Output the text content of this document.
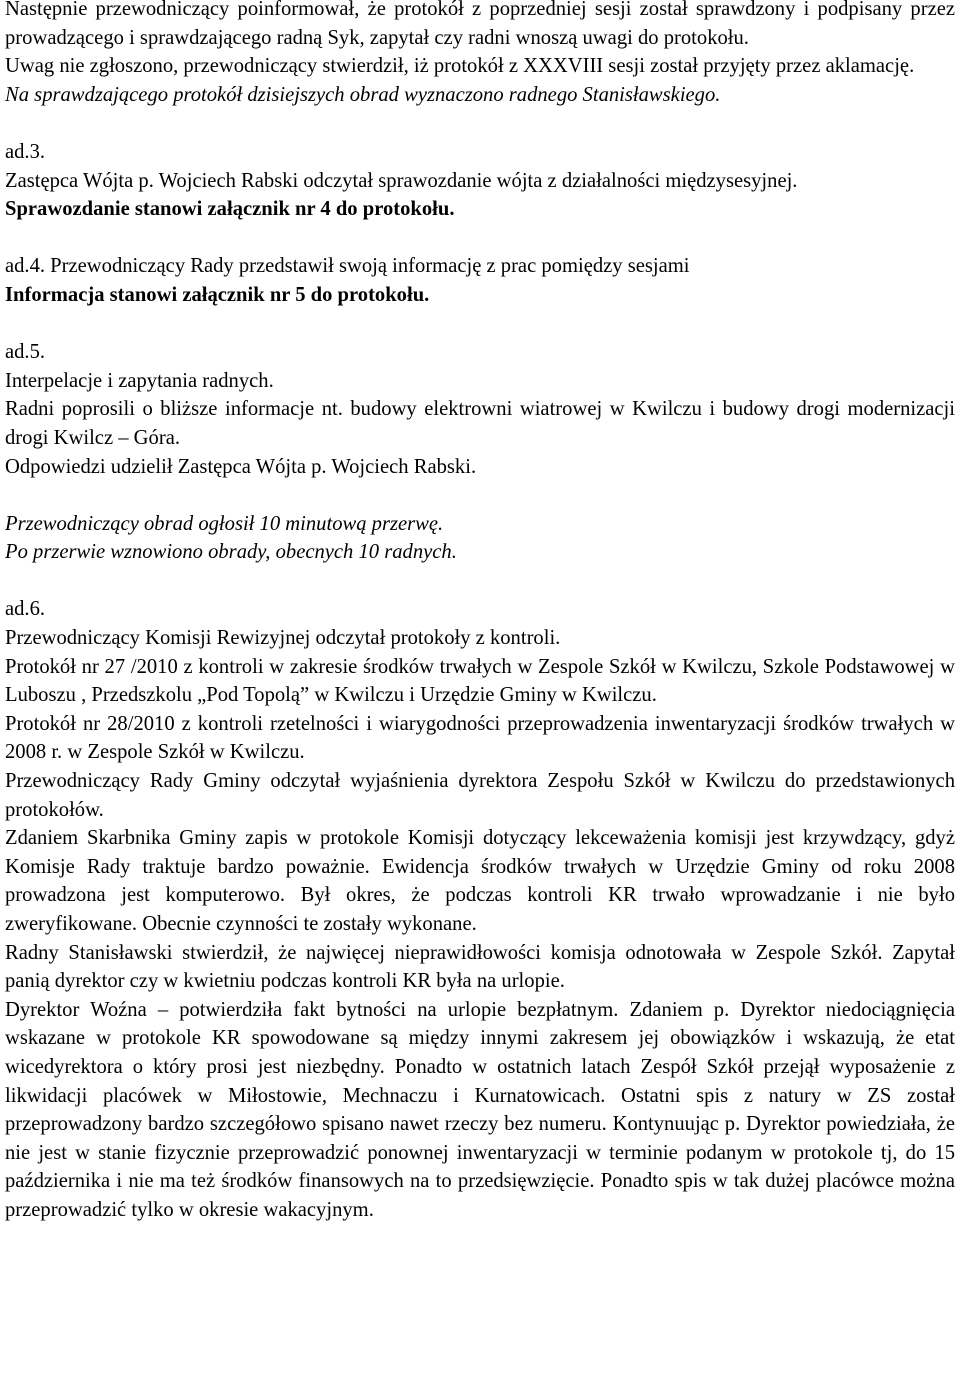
Następnie przewodniczący poinformował, że protokół z poprzedniej sesji został sprawdzony i podpisany przez prowadzącego i sprawdzającego radną Syk, zapytał czy radni wnoszą uwagi do protokołu.

Uwag nie zgłoszono, przewodniczący stwierdził, iż protokół z XXXVIII sesji został przyjęty przez aklamację.

Na sprawdzającego protokół dzisiejszych obrad wyznaczono radnego Stanisławskiego.

ad.3.

Zastępca Wójta p. Wojciech Rabski odczytał sprawozdanie wójta z działalności międzysesyjnej.

Sprawozdanie stanowi załącznik nr 4 do protokołu.

ad.4. Przewodniczący Rady przedstawił swoją informację z prac pomiędzy sesjami

Informacja stanowi załącznik nr 5 do protokołu.

ad.5.

Interpelacje i zapytania radnych.

Radni poprosili o bliższe informacje nt. budowy elektrowni wiatrowej w Kwilczu i budowy drogi modernizacji drogi Kwilcz – Góra.

Odpowiedzi udzielił Zastępca Wójta p. Wojciech Rabski.

Przewodniczący obrad ogłosił 10 minutową przerwę.

Po przerwie wznowiono obrady, obecnych 10 radnych.

ad.6.

Przewodniczący Komisji Rewizyjnej odczytał protokoły z kontroli.

Protokół nr 27 /2010 z kontroli w zakresie środków trwałych w Zespole Szkół w Kwilczu, Szkole Podstawowej w Luboszu , Przedszkolu „Pod Topolą” w Kwilczu i Urzędzie Gminy w Kwilczu.

Protokół nr 28/2010 z kontroli rzetelności i wiarygodności przeprowadzenia inwentaryzacji środków trwałych w 2008 r. w Zespole Szkół w Kwilczu.

Przewodniczący Rady Gminy odczytał wyjaśnienia dyrektora Zespołu Szkół w Kwilczu do przedstawionych protokołów.

Zdaniem Skarbnika Gminy zapis w protokole Komisji dotyczący lekceważenia komisji jest krzywdzący, gdyż Komisje Rady traktuje bardzo poważnie. Ewidencja środków trwałych w Urzędzie Gminy od roku 2008 prowadzona jest komputerowo. Był okres, że podczas kontroli KR trwało wprowadzanie i nie było zweryfikowane. Obecnie czynności te zostały wykonane.

Radny Stanisławski stwierdził, że najwięcej nieprawidłowości komisja odnotowała w Zespole Szkół. Zapytał panią dyrektor czy w kwietniu podczas kontroli KR była na urlopie.

Dyrektor Woźna – potwierdziła fakt bytności na urlopie bezpłatnym. Zdaniem p. Dyrektor niedociągnięcia wskazane w protokole KR spowodowane są między innymi zakresem jej obowiązków i wskazują, że etat wicedyrektora o który prosi jest niezbędny. Ponadto w ostatnich latach Zespół Szkół przejął wyposażenie z likwidacji placówek w Miłostowie, Mechnaczu i Kurnatowicach. Ostatni spis z natury w ZS został przeprowadzony bardzo szczegółowo spisano nawet rzeczy bez numeru. Kontynuując p. Dyrektor powiedziała, że nie jest w stanie fizycznie przeprowadzić ponownej inwentaryzacji w terminie podanym w protokole tj, do 15 października i nie ma też środków finansowych na to przedsięwzięcie. Ponadto spis w tak dużej placówce można przeprowadzić tylko w okresie wakacyjnym.
